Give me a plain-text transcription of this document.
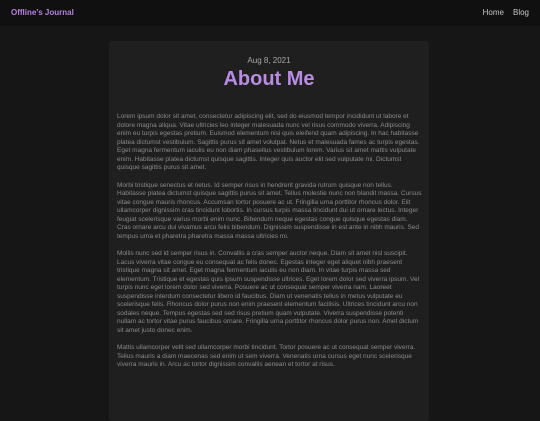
Offline's Journal	Home Blog
Aug 8, 2021
About Me

Lorem ipsum dolor sit amet, consectetur adipiscing elit, sed do eiusmod tempor incididunt ut labore et dolore magna aliqua. Vitae ultricies leo integer malesuada nunc vel risus commodo viverra. Adipiscing enim eu turpis egestas pretium. Euismod elementum nisi quis eleifend quam adipiscing. In hac habitasse platea dictumst vestibulum. Sagittis purus sit amet volutpat. Netus et malesuada fames ac turpis egestas. Eget magna fermentum iaculis eu non diam phasellus vestibulum lorem. Varius sit amet mattis vulputate enim. Habitasse platea dictumst quisque sagittis. Integer quis auctor elit sed vulputate mi. Dictumst quisque sagittis purus sit amet.

Morbi tristique senectus et netus. Id semper risus in hendrerit gravida rutrum quisque non tellus. Habitasse platea dictumst quisque sagittis purus sit amet. Tellus molestie nunc non blandit massa. Cursus vitae congue mauris rhoncus. Accumsan tortor posuere ac ut. Fringilla urna porttitor rhoncus dolor. Elit ullamcorper dignissim cras tincidunt lobortis. In cursus turpis massa tincidunt dui ut ornare lectus. Integer feugiat scelerisque varius morbi enim nunc. Bibendum neque egestas congue quisque egestas diam. Cras ornare arcu dui vivamus arcu felis bibendum. Dignissim suspendisse in est ante in nibh mauris. Sed tempus urna et pharetra pharetra massa massa ultricies mi.

Mollis nunc sed id semper risus in. Convallis a cras semper auctor neque. Diam sit amet nisl suscipit. Lacus viverra vitae congue eu consequat ac felis donec. Egestas integer eget aliquet nibh praesent tristique magna sit amet. Eget magna fermentum iaculis eu non diam. In vitae turpis massa sed elementum. Tristique et egestas quis ipsum suspendisse ultrices. Eget lorem dolor sed viverra ipsum. Vel turpis nunc eget lorem dolor sed viverra. Posuere ac ut consequat semper viverra nam. Laoreet suspendisse interdum consectetur libero id faucibus. Diam ut venenatis tellus in metus vulputate eu scelerisque felis. Rhoncus dolor purus non enim praesent elementum facilisis. Ultrices tincidunt arcu non sodales neque. Tempus egestas sed sed risus pretium quam vulputate. Viverra suspendisse potenti nullam ac tortor vitae purus faucibus ornare. Fringilla urna porttitor rhoncus dolor purus non. Amet dictum sit amet justo donec enim.

Mattis ullamcorper velit sed ullamcorper morbi tincidunt. Tortor posuere ac ut consequat semper viverra. Tellus mauris a diam maecenas sed enim ut sem viverra. Venenatis urna cursus eget nunc scelerisque viverra mauris in. Arcu ac tortor dignissim convallis aenean et tortor at risus.
